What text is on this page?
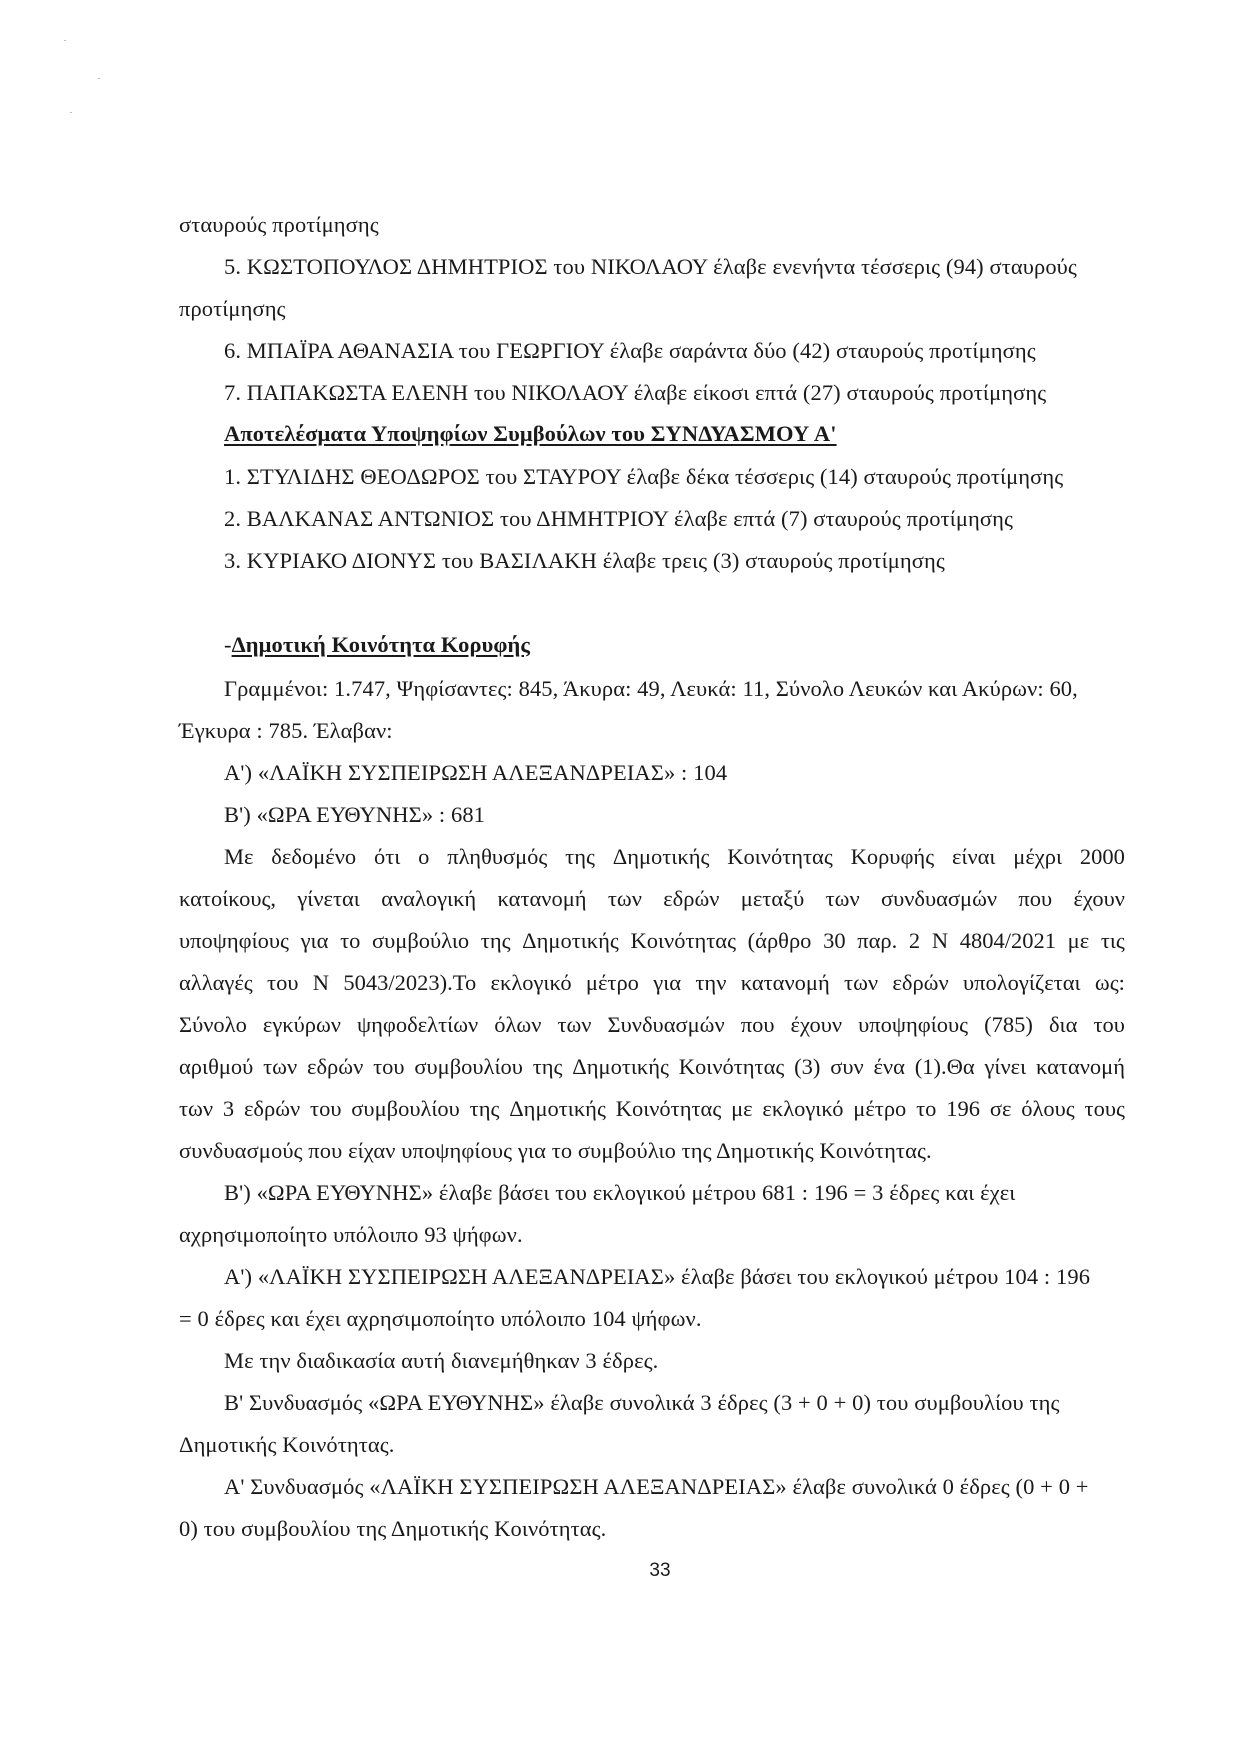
σταυρούς προτίμησης
5. ΚΩΣΤΟΠΟΥΛΟΣ ΔΗΜΗΤΡΙΟΣ του ΝΙΚΟΛΑΟΥ έλαβε ενενήντα τέσσερις (94) σταυρούς
προτίμησης
6. ΜΠΑΪΡΑ ΑΘΑΝΑΣΙΑ του ΓΕΩΡΓΙΟΥ έλαβε σαράντα δύο (42) σταυρούς προτίμησης
7. ΠΑΠΑΚΩΣΤΑ ΕΛΕΝΗ του ΝΙΚΟΛΑΟΥ έλαβε είκοσι επτά (27) σταυρούς προτίμησης
Αποτελέσματα Υποψηφίων Συμβούλων του ΣΥΝΔΥΑΣΜΟΥ Α'
1. ΣΤΥΛΙΔΗΣ ΘΕΟΔΩΡΟΣ του ΣΤΑΥΡΟΥ έλαβε δέκα τέσσερις (14) σταυρούς προτίμησης
2. ΒΑΛΚΑΝΑΣ ΑΝΤΩΝΙΟΣ του ΔΗΜΗΤΡΙΟΥ έλαβε επτά (7) σταυρούς προτίμησης
3. ΚΥΡΙΑΚΟ ΔΙΟΝΥΣ του ΒΑΣΙΛΑΚΗ έλαβε τρεις (3) σταυρούς προτίμησης
-Δημοτική Κοινότητα Κορυφής
Γραμμένοι: 1.747, Ψηφίσαντες: 845, Άκυρα: 49, Λευκά: 11, Σύνολο Λευκών και Ακύρων: 60,
Έγκυρα : 785. Έλαβαν:
Α') «ΛΑΪΚΗ ΣΥΣΠΕΙΡΩΣΗ ΑΛΕΞΑΝΔΡΕΙΑΣ» : 104
Β') «ΩΡΑ ΕΥΘΥΝΗΣ» : 681
Με δεδομένο ότι ο πληθυσμός της Δημοτικής Κοινότητας Κορυφής είναι μέχρι 2000
κατοίκους, γίνεται αναλογική κατανομή των εδρών μεταξύ των συνδυασμών που έχουν
υποψηφίους για το συμβούλιο της Δημοτικής Κοινότητας (άρθρο 30 παρ. 2 Ν 4804/2021 με τις
αλλαγές του Ν 5043/2023).Το εκλογικό μέτρο για την κατανομή των εδρών υπολογίζεται ως:
Σύνολο εγκύρων ψηφοδελτίων όλων των Συνδυασμών που έχουν υποψηφίους (785) δια του
αριθμού των εδρών του συμβουλίου της Δημοτικής Κοινότητας (3) συν ένα (1).Θα γίνει κατανομή
των 3 εδρών του συμβουλίου της Δημοτικής Κοινότητας με εκλογικό μέτρο το 196 σε όλους τους
συνδυασμούς που είχαν υποψηφίους για το συμβούλιο της Δημοτικής Κοινότητας.
Β') «ΩΡΑ ΕΥΘΥΝΗΣ» έλαβε βάσει του εκλογικού μέτρου 681 : 196 = 3 έδρες και έχει
αχρησιμοποίητο υπόλοιπο 93 ψήφων.
Α') «ΛΑΪΚΗ ΣΥΣΠΕΙΡΩΣΗ ΑΛΕΞΑΝΔΡΕΙΑΣ» έλαβε βάσει του εκλογικού μέτρου 104 : 196
= 0 έδρες και έχει αχρησιμοποίητο υπόλοιπο 104 ψήφων.
Με την διαδικασία αυτή διανεμήθηκαν 3 έδρες.
Β' Συνδυασμός «ΩΡΑ ΕΥΘΥΝΗΣ» έλαβε συνολικά 3 έδρες (3 + 0 + 0) του συμβουλίου της
Δημοτικής Κοινότητας.
Α' Συνδυασμός «ΛΑΪΚΗ ΣΥΣΠΕΙΡΩΣΗ ΑΛΕΞΑΝΔΡΕΙΑΣ» έλαβε συνολικά 0 έδρες (0 + 0 +
0) του συμβουλίου της Δημοτικής Κοινότητας.
33
